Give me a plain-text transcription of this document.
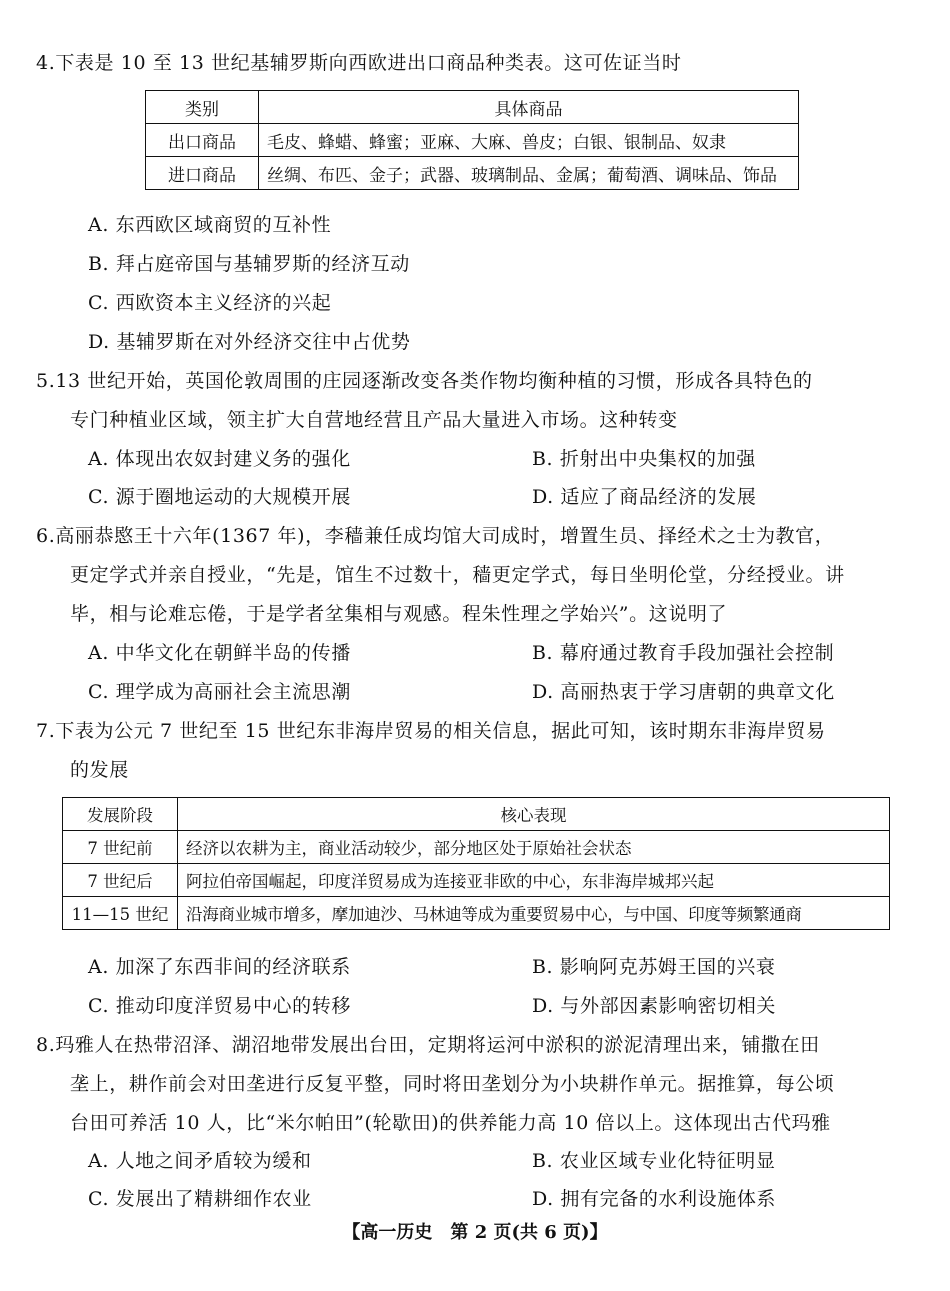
4.下表是 10 至 13 世纪基辅罗斯向西欧进出口商品种类表。这可佐证当时
类别	具体商品
出口商品	毛皮、蜂蜡、蜂蜜；亚麻、大麻、兽皮；白银、银制品、奴隶
进口商品	丝绸、布匹、金子；武器、玻璃制品、金属；葡萄酒、调味品、饰品
A. 东西欧区域商贸的互补性
B. 拜占庭帝国与基辅罗斯的经济互动
C. 西欧资本主义经济的兴起
D. 基辅罗斯在对外经济交往中占优势
5.13 世纪开始，英国伦敦周围的庄园逐渐改变各类作物均衡种植的习惯，形成各具特色的
专门种植业区域，领主扩大自营地经营且产品大量进入市场。这种转变
A. 体现出农奴封建义务的强化	B. 折射出中央集权的加强
C. 源于圈地运动的大规模开展	D. 适应了商品经济的发展
6.高丽恭愍王十六年(1367 年)，李穑兼任成均馆大司成时，增置生员、择经术之士为教官，
更定学式并亲自授业，“先是，馆生不过数十，穑更定学式，每日坐明伦堂，分经授业。讲
毕，相与论难忘倦，于是学者坌集相与观感。程朱性理之学始兴”。这说明了
A. 中华文化在朝鲜半岛的传播	B. 幕府通过教育手段加强社会控制
C. 理学成为高丽社会主流思潮	D. 高丽热衷于学习唐朝的典章文化
7.下表为公元 7 世纪至 15 世纪东非海岸贸易的相关信息，据此可知，该时期东非海岸贸易
的发展
发展阶段	核心表现
7 世纪前	经济以农耕为主，商业活动较少，部分地区处于原始社会状态
7 世纪后	阿拉伯帝国崛起，印度洋贸易成为连接亚非欧的中心，东非海岸城邦兴起
11—15 世纪	沿海商业城市增多，摩加迪沙、马林迪等成为重要贸易中心，与中国、印度等频繁通商
A. 加深了东西非间的经济联系	B. 影响阿克苏姆王国的兴衰
C. 推动印度洋贸易中心的转移	D. 与外部因素影响密切相关
8.玛雅人在热带沼泽、湖沼地带发展出台田，定期将运河中淤积的淤泥清理出来，铺撒在田
垄上，耕作前会对田垄进行反复平整，同时将田垄划分为小块耕作单元。据推算，每公顷
台田可养活 10 人，比“米尔帕田”(轮歇田)的供养能力高 10 倍以上。这体现出古代玛雅
A. 人地之间矛盾较为缓和	B. 农业区域专业化特征明显
C. 发展出了精耕细作农业	D. 拥有完备的水利设施体系
【高一历史　第 2 页(共 6 页)】
